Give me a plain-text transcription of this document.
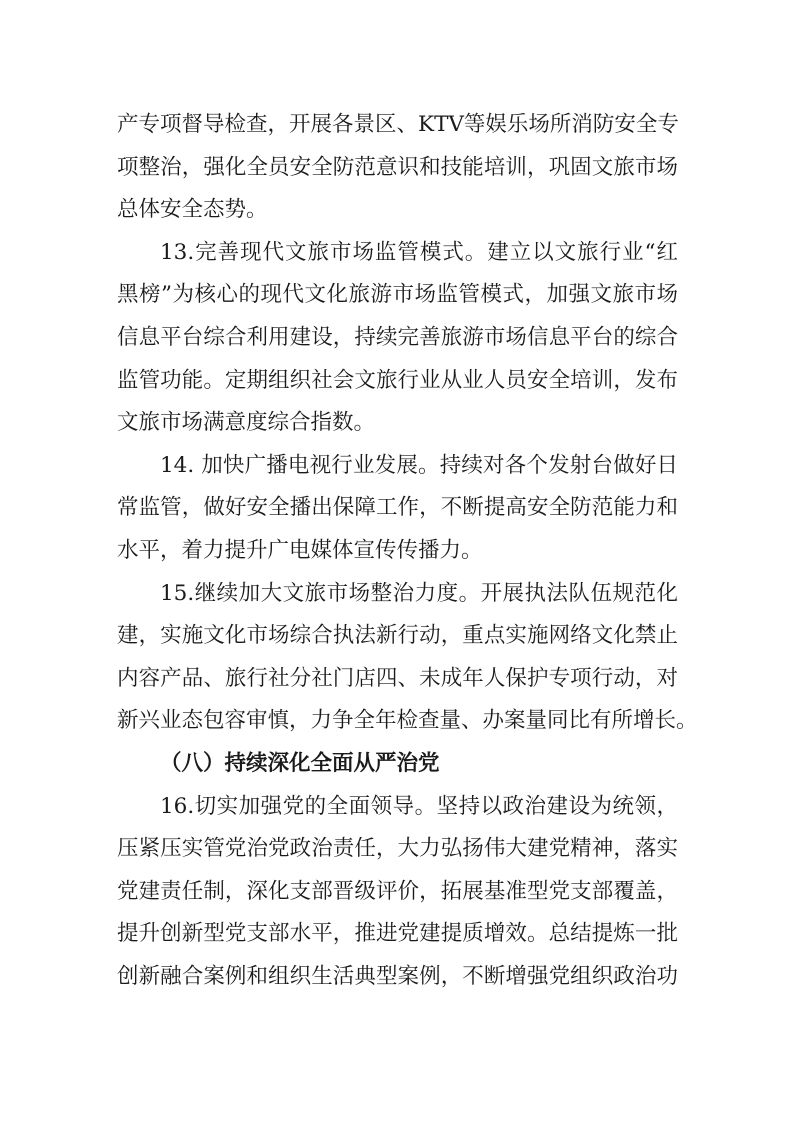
产专项督导检查，开展各景区、KTV等娱乐场所消防安全专
项整治，强化全员安全防范意识和技能培训，巩固文旅市场
总体安全态势。
13.完善现代文旅市场监管模式。建立以文旅行业“红
黑榜”为核心的现代文化旅游市场监管模式，加强文旅市场
信息平台综合利用建设，持续完善旅游市场信息平台的综合
监管功能。定期组织社会文旅行业从业人员安全培训，发布
文旅市场满意度综合指数。
14. 加快广播电视行业发展。持续对各个发射台做好日
常监管，做好安全播出保障工作，不断提高安全防范能力和
水平，着力提升广电媒体宣传传播力。
15.继续加大文旅市场整治力度。开展执法队伍规范化
建，实施文化市场综合执法新行动，重点实施网络文化禁止
内容产品、旅行社分社门店四、未成年人保护专项行动，对
新兴业态包容审慎，力争全年检查量、办案量同比有所增长。
（八）持续深化全面从严治党
16.切实加强党的全面领导。坚持以政治建设为统领，
压紧压实管党治党政治责任，大力弘扬伟大建党精神，落实
党建责任制，深化支部晋级评价，拓展基准型党支部覆盖，
提升创新型党支部水平，推进党建提质增效。总结提炼一批
创新融合案例和组织生活典型案例，不断增强党组织政治功
